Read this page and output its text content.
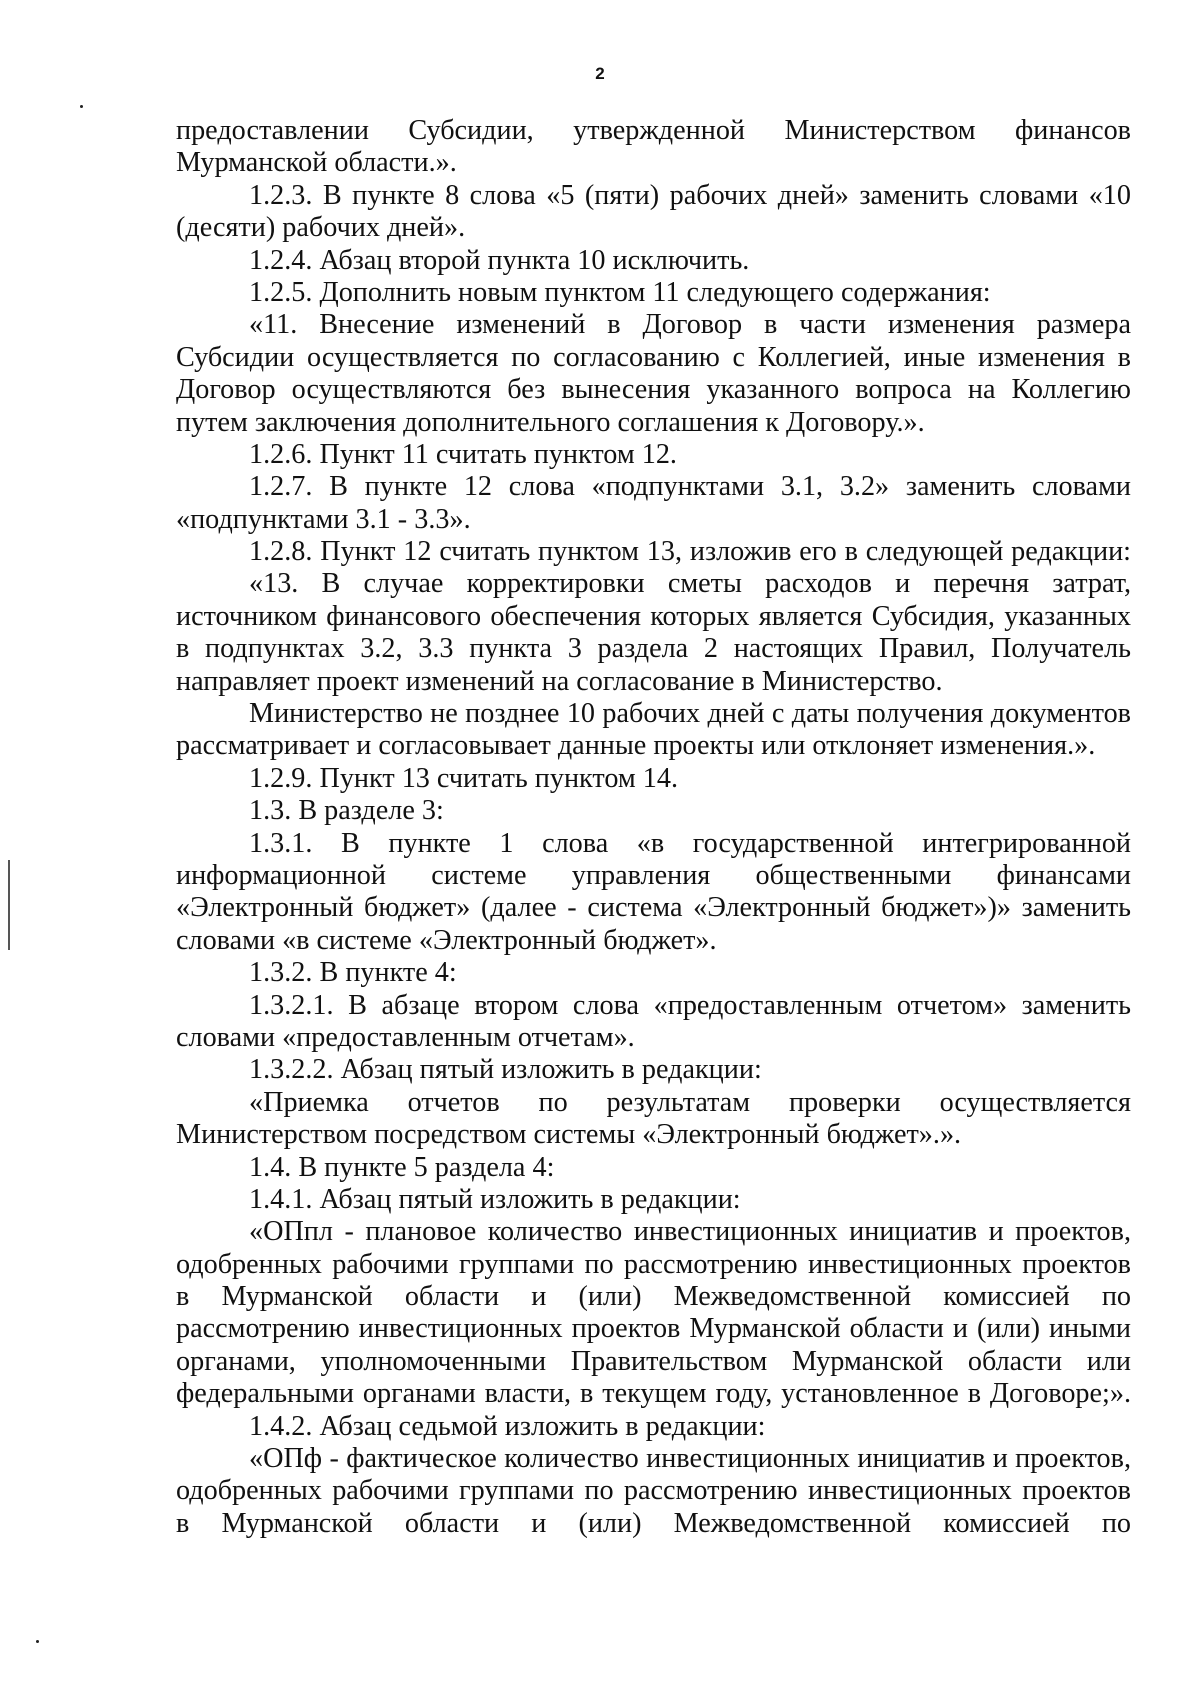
2
предоставлении Субсидии, утвержденной Министерством финансов
Мурманской области.».
1.2.3. В пункте 8 слова «5 (пяти) рабочих дней» заменить словами «10
(десяти) рабочих дней».
1.2.4. Абзац второй пункта 10 исключить.
1.2.5. Дополнить новым пунктом 11 следующего содержания:
«11. Внесение изменений в Договор в части изменения размера
Субсидии осуществляется по согласованию с Коллегией, иные изменения в
Договор осуществляются без вынесения указанного вопроса на Коллегию
путем заключения дополнительного соглашения к Договору.».
1.2.6. Пункт 11 считать пунктом 12.
1.2.7. В пункте 12 слова «подпунктами 3.1, 3.2» заменить словами
«подпунктами 3.1 - 3.3».
1.2.8. Пункт 12 считать пунктом 13, изложив его в следующей редакции:
«13. В случае корректировки сметы расходов и перечня затрат,
источником финансового обеспечения которых является Субсидия, указанных
в подпунктах 3.2, 3.3 пункта 3 раздела 2 настоящих Правил, Получатель
направляет проект изменений на согласование в Министерство.
Министерство не позднее 10 рабочих дней с даты получения документов
рассматривает и согласовывает данные проекты или отклоняет изменения.».
1.2.9. Пункт 13 считать пунктом 14.
1.3. В разделе 3:
1.3.1. В пункте 1 слова «в государственной интегрированной
информационной системе управления общественными финансами
«Электронный бюджет» (далее - система «Электронный бюджет»)» заменить
словами «в системе «Электронный бюджет».
1.3.2. В пункте 4:
1.3.2.1. В абзаце втором слова «предоставленным отчетом» заменить
словами «предоставленным отчетам».
1.3.2.2. Абзац пятый изложить в редакции:
«Приемка отчетов по результатам проверки осуществляется
Министерством посредством системы «Электронный бюджет».».
1.4. В пункте 5 раздела 4:
1.4.1. Абзац пятый изложить в редакции:
«ОПпл - плановое количество инвестиционных инициатив и проектов,
одобренных рабочими группами по рассмотрению инвестиционных проектов
в Мурманской области и (или) Межведомственной комиссией по
рассмотрению инвестиционных проектов Мурманской области и (или) иными
органами, уполномоченными Правительством Мурманской области или
федеральными органами власти, в текущем году, установленное в Договоре;».
1.4.2. Абзац седьмой изложить в редакции:
«ОПф - фактическое количество инвестиционных инициатив и проектов,
одобренных рабочими группами по рассмотрению инвестиционных проектов
в Мурманской области и (или) Межведомственной комиссией по
